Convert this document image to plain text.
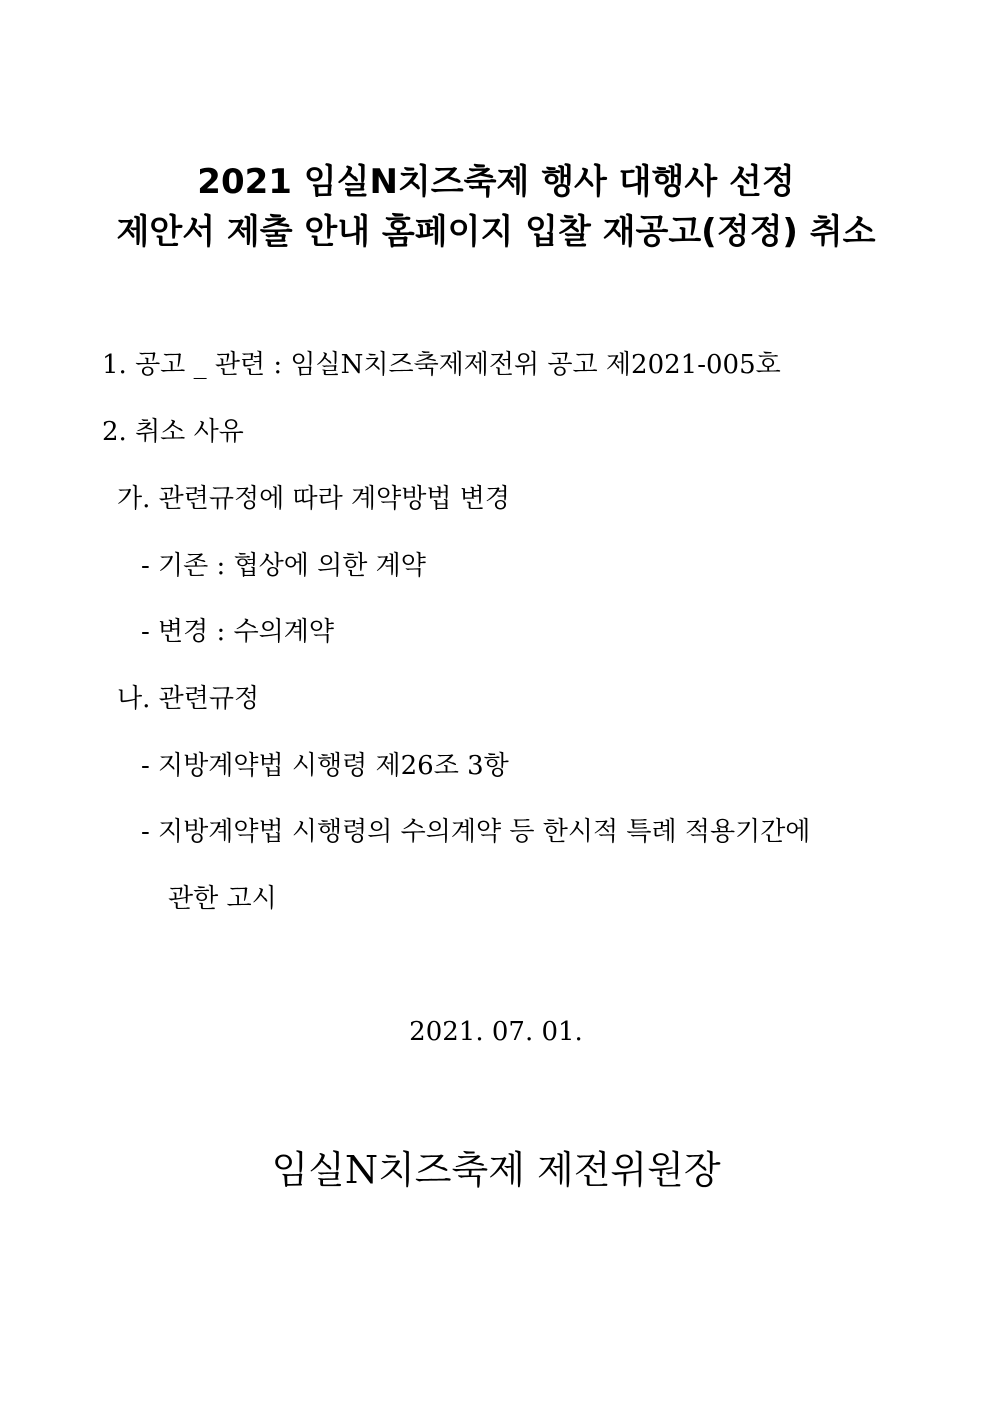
2021 임실N치즈축제 행사 대행사 선정
제안서 제출 안내 홈페이지 입찰 재공고(정정) 취소
1. 공고 _ 관련 : 임실N치즈축제제전위 공고 제2021-005호
2. 취소 사유
가. 관련규정에 따라 계약방법 변경
- 기존 : 협상에 의한 계약
- 변경 : 수의계약
나. 관련규정
- 지방계약법 시행령 제26조 3항
- 지방계약법 시행령의 수의계약 등 한시적 특례 적용기간에
관한 고시
2021. 07. 01.
임실N치즈축제 제전위원장
